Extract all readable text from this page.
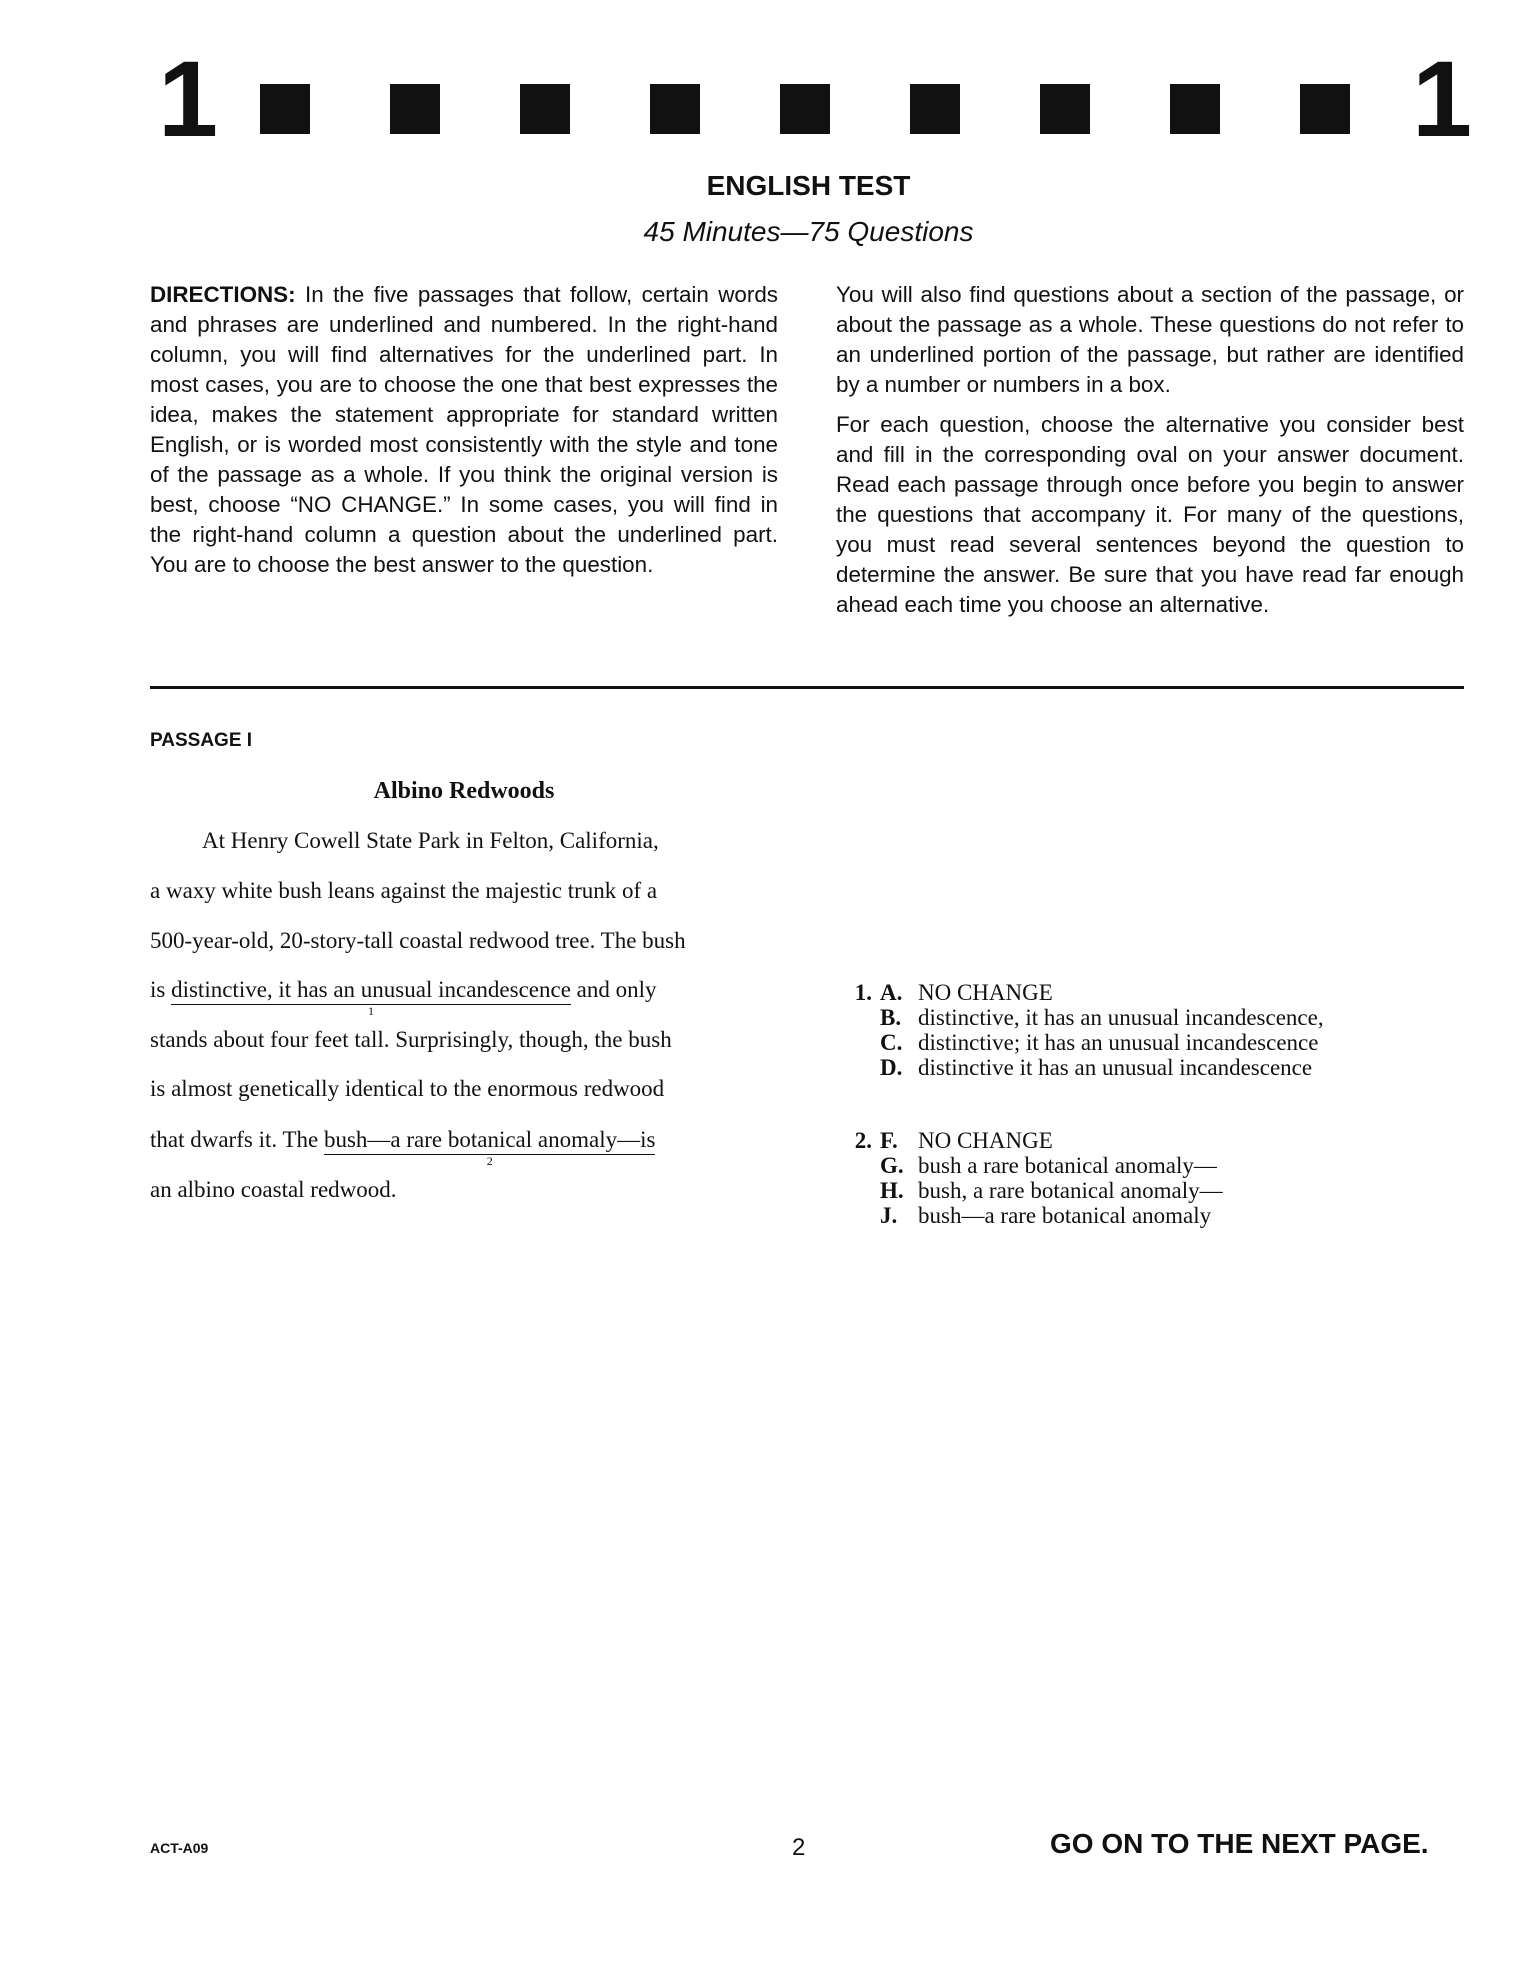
1	1
ENGLISH TEST
45 Minutes—75 Questions

DIRECTIONS: In the five passages that follow, certain words and phrases are underlined and numbered. In the right-hand column, you will find alternatives for the underlined part. In most cases, you are to choose the one that best expresses the idea, makes the statement appropriate for standard written English, or is worded most consistently with the style and tone of the passage as a whole. If you think the original version is best, choose “NO CHANGE.” In some cases, you will find in the right-hand column a question about the underlined part. You are to choose the best answer to the question.

You will also find questions about a section of the passage, or about the passage as a whole. These questions do not refer to an underlined portion of the passage, but rather are identified by a number or numbers in a box.

For each question, choose the alternative you consider best and fill in the corresponding oval on your answer document. Read each passage through once before you begin to answer the questions that accompany it. For many of the questions, you must read several sentences beyond the question to determine the answer. Be sure that you have read far enough ahead each time you choose an alternative.

PASSAGE I
Albino Redwoods
At Henry Cowell State Park in Felton, California,
a waxy white bush leans against the majestic trunk of a
500-year-old, 20-story-tall coastal redwood tree. The bush
is distinctive, it has an unusual incandescence
1
and only
stands about four feet tall. Surprisingly, though, the bush
is almost genetically identical to the enormous redwood
that dwarfs it. The bush—a rare botanical anomaly—is
2
an albino coastal redwood.
1. A. NO CHANGE
B. distinctive, it has an unusual incandescence,
C. distinctive; it has an unusual incandescence
D. distinctive it has an unusual incandescence
2. F. NO CHANGE
G. bush a rare botanical anomaly—
H. bush, a rare botanical anomaly—
J. bush—a rare botanical anomaly
ACT-A09	2	GO ON TO THE NEXT PAGE.
